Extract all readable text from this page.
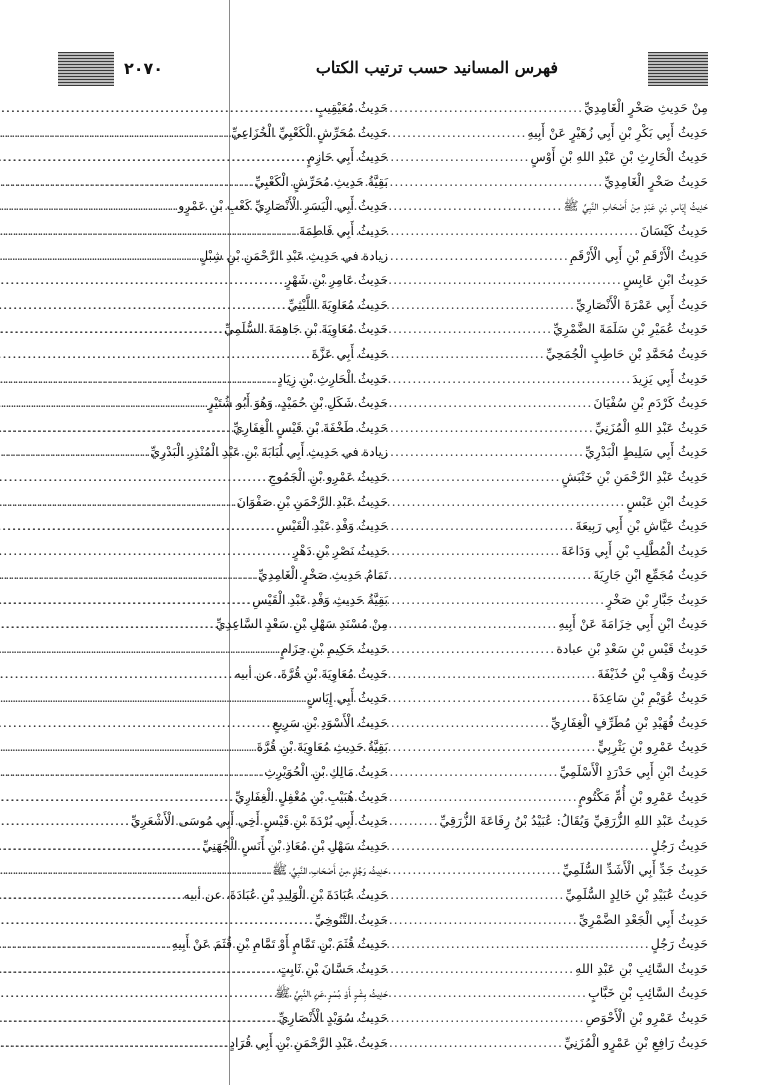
فهرس المسانيد حسب ترتيب الكتاب
٢٠٧٠
مِنْ حَدِيثِ صَخْرٍ الْغَامِدِيِّ
.....
حَدِيثُ أَبِي بَكْرِ بْنِ أَبِي زُهَيْرٍ عَنْ أَبِيهِ
.....
حَدِيثُ الْحَارِثِ بْنِ عَبْدِ اللهِ بْنِ أَوْسٍ
.....
حَدِيثُ صَخْرٍ الْغَامِدِيِّ
.....
حَدِيثُ إِيَاسِ بْنِ عَبْدٍ مِنْ أَصْحَابِ النَّبِيِّ ﷺ
.....
حَدِيثُ كَيْسَانَ
.....
حَدِيثُ الْأَرْقَمِ بْنِ أَبِي الْأَرْقَمِ
.....
حَدِيثُ ابْنِ عَابِسٍ
.....
حَدِيثُ أَبِي عَمْرَةَ الْأَنْصَارِيِّ
.....
حَدِيثُ عُمَيْرِ بْنِ سَلَمَةَ الضَّمْرِيِّ
.....
حَدِيثُ مُحَمَّدِ بْنِ حَاطِبٍ الْجُمَحِيِّ
.....
حَدِيثُ أَبِي يَزِيدَ
.....
حَدِيثُ كَرْدَمِ بْنِ سُفْيَانَ
.....
حَدِيثُ عَبْدِ اللهِ الْمُزَنِيِّ
.....
حَدِيثُ أَبِي سَلِيطٍ الْبَدْرِيِّ
.....
حَدِيثُ عَبْدِ الرَّحْمَنِ بْنِ خَنْبَشٍ
.....
حَدِيثُ ابْنِ عَبْسٍ
.....
حَدِيثُ عَيَّاشِ بْنِ أَبِي رَبِيعَةَ
.....
حَدِيثُ الْمُطَّلِبِ بْنِ أَبِي وَدَاعَةَ
.....
حَدِيثُ مُجَمِّعِ ابْنِ جَارِيَةَ
.....
حَدِيثُ جَبَّارِ بْنِ صَخْرٍ
.....
حَدِيثُ ابْنِ أَبِي خِزَامَةَ عَنْ أَبِيهِ
.....
حَدِيثُ قَيْسِ بْنِ سَعْدِ بْنِ عبادة
.....
حَدِيثُ وَهْبِ بْنِ حُذَيْفَةَ
.....
حَدِيثُ عُوَيْمِ بْنِ سَاعِدَةَ
.....
حَدِيثُ فُهَيْدِ بْنِ مُطَرِّفٍ الْغِفَارِيِّ
.....
حَدِيثُ عَمْرِو بْنِ يَثْرِبِيٍّ
.....
حَدِيثُ ابْنِ أَبِي حَدْرَدٍ الْأَسْلَمِيِّ
.....
حَدِيثُ عَمْرِو بْنِ أُمِّ مَكْتُومٍ
.....
حَدِيثُ عَبْدِ اللهِ الزُّرَقِيِّ وَيُقَالُ: عُبَيْدُ بْنُ رِفَاعَةَ الزُّرَقِيِّ
.....
حَدِيثُ رَجُلٍ
.....
حَدِيثُ جَدِّ أَبِي الْأَشَدِّ السُّلَمِيِّ
.....
حَدِيثُ عُبَيْدِ بْنِ خَالِدٍ السُّلَمِيِّ
.....
حَدِيثُ أَبِي الْجَعْدِ الضَّمْرِيِّ
.....
حَدِيثُ رَجُلٍ
.....
حَدِيثُ السَّائِبِ بْنِ عَبْدِ اللهِ
.....
حَدِيثُ السَّائِبِ بْنِ خَبَّابٍ
.....
حَدِيثُ عَمْرِو بْنِ الْأَحْوَصِ
.....
حَدِيثُ رَافِعِ بْنِ عَمْرٍو الْمُزَنِيِّ
.....
حَدِيثُ مُعَيْقِيبٍ
.....
حَدِيثُ مُحَرِّشٍ الْكَعْبِيِّ الْخُزَاعِيِّ
.....
حَدِيثُ أَبِي حَازِمٍ
.....
بَقِيَّةُ حَدِيثِ مُحَرِّشٍ الْكَعْبِيِّ
.....
حَدِيثُ أَبِي الْيَسَرِ الْأَنْصَارِيِّ كَعْبِ بْنِ عَمْرٍو
.....
حَدِيثُ أَبِي فَاطِمَةَ
.....
زيادة في حَدِيثِ عَبْدِ الرَّحْمَنِ بْنِ شِبْلٍ
.....
حَدِيثُ عَامِرِ بْنِ شَهْرٍ
.....
حَدِيثُ مُعَاوِيَةَ اللَّيْثِيِّ
.....
حَدِيثُ مُعَاوِيَةَ بْنِ جَاهِمَةَ السُّلَمِيِّ
.....
حَدِيثُ أَبِي عَزَّةَ
.....
حَدِيثُ الْحَارِثِ بْنِ زِيَادٍ
.....
حَدِيثُ شَكَلِ بْنِ حُمَيْدٍ، وَهُوَ أَبُو شُتَيْرٍ
.....
حَدِيثُ طَخْفَةَ بْنِ قَيْسٍ الْغِفَارِيِّ
.....
زيادة في حَدِيثِ أَبِي لُبَابَةَ بْنِ عَبْدِ الْمُنْذِرِ الْبَدْرِيِّ
.....
حَدِيثُ عَمْرِو بْنِ الْجَمُوحِ
.....
حَدِيثُ عَبْدِ الرَّحْمَنِ بْنِ صَفْوَانَ
.....
حَدِيثُ وَفْدِ عَبْدِ الْقَيْسِ
.....
حَدِيثُ نَصْرِ بْنِ دَهْرٍ
.....
تَمَامُ حَدِيثِ صَخْرٍ الْغَامِدِيِّ
.....
بَقِيَّةُ حَدِيثِ وَفْدِ عَبْدِ الْقَيْسِ
.....
مِنْ مُسْنَدِ سَهْلِ بْنِ سَعْدٍ السَّاعِدِيِّ
.....
حَدِيثُ حَكِيمِ بْنِ حِزَامٍ
.....
حَدِيثُ مُعَاوِيَةَ بْنِ قُرَّةَ، عن أبيه
.....
حَدِيثُ أَبِي إِيَاسٍ
.....
حَدِيثُ الْأَسْوَدِ بْنِ سَرِيعٍ
.....
بَقِيَّةُ حَدِيثِ مُعَاوِيَةَ بْنِ قُرَّةَ
.....
حَدِيثُ مَالِكِ بْنِ الْحُوَيْرِثِ
.....
حَدِيثُ هُبَيْبِ بْنِ مُغْفِلٍ الْغِفَارِيِّ
.....
حَدِيثُ أَبِي بُرْدَةَ بْنِ قَيْسٍ أَخِي أَبِي مُوسَى الْأَشْعَرِيِّ
.....
حَدِيثُ سَهْلِ بْنِ مُعَاذِ بْنِ أَنَسٍ الْجُهَنِيِّ
.....
حَدِيثُ رَجُلٍ مِنْ أَصْحَابِ النَّبِيِّ ﷺ
.....
حَدِيثُ عُبَادَةَ بْنِ الْوَلِيدِ بْنِ عُبَادَةَ، عن أبيه
.....
حَدِيثُ التَّنُوخِيِّ
.....
حَدِيثُ قُثَمَ بْنِ تَمَّامٍ أَوْ تَمَّامِ بْنِ قُثَمَ عَنْ أَبِيهِ
.....
حَدِيثُ حَسَّانَ بْنِ ثَابِتٍ
.....
حَدِيثُ بِشْرٍ أَوْ بُسْرٍ عَنِ النَّبِيِّ ﷺ
.....
حَدِيثُ سُوَيْدٍ الْأَنْصَارِيِّ
.....
حَدِيثُ عَبْدِ الرَّحْمَنِ بْنِ أَبِي قُرَادٍ
.....
